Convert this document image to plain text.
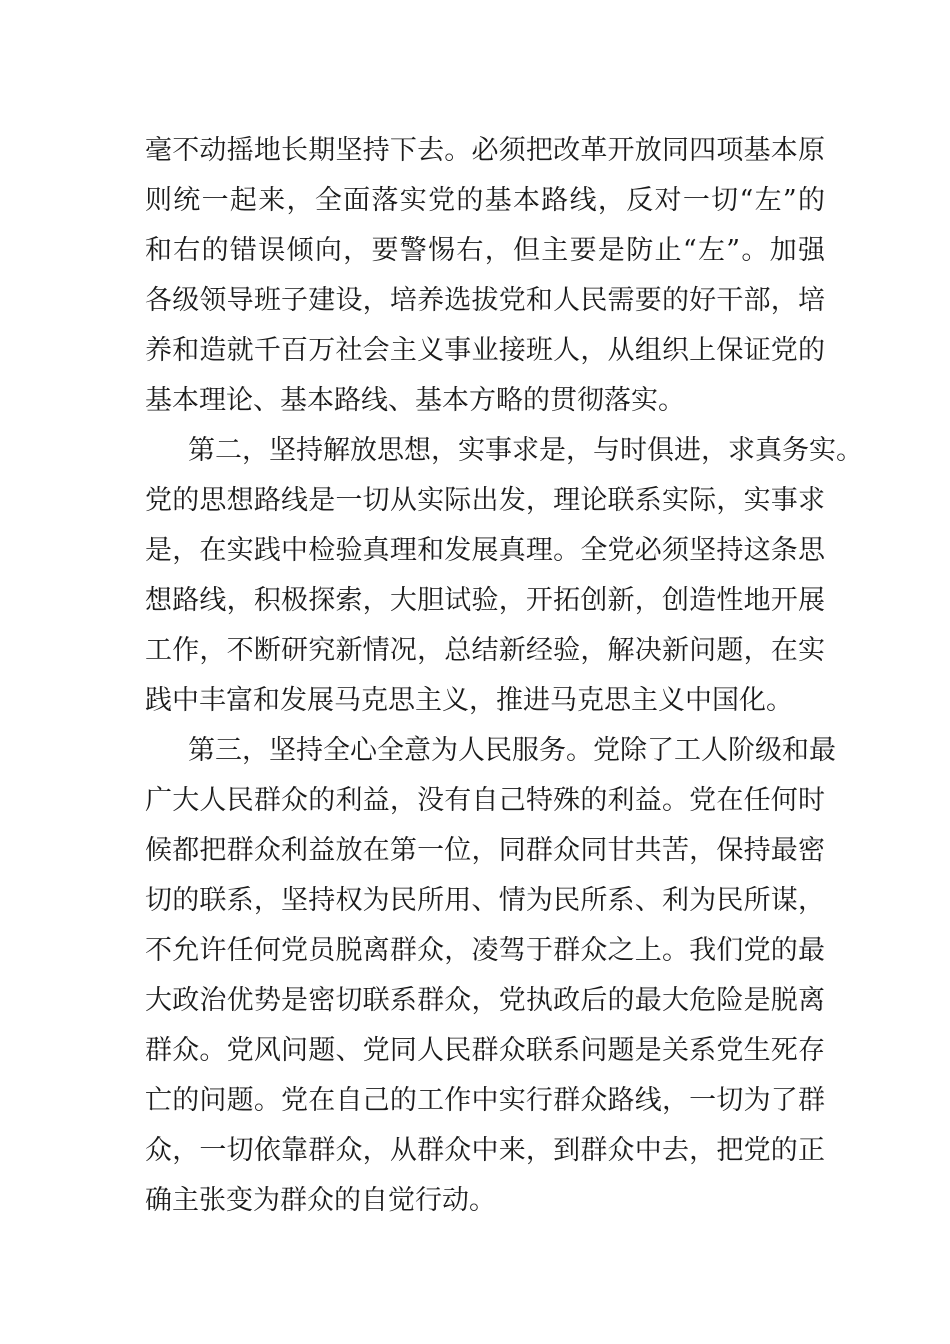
毫不动摇地长期坚持下去。必须把改革开放同四项基本原
则统一起来，全面落实党的基本路线，反对一切“左”的
和右的错误倾向，要警惕右，但主要是防止“左”。加强
各级领导班子建设，培养选拔党和人民需要的好干部，培
养和造就千百万社会主义事业接班人，从组织上保证党的
基本理论、基本路线、基本方略的贯彻落实。
第二，坚持解放思想，实事求是，与时俱进，求真务实。
党的思想路线是一切从实际出发，理论联系实际，实事求
是，在实践中检验真理和发展真理。全党必须坚持这条思
想路线，积极探索，大胆试验，开拓创新，创造性地开展
工作，不断研究新情况，总结新经验，解决新问题，在实
践中丰富和发展马克思主义，推进马克思主义中国化。
第三，坚持全心全意为人民服务。党除了工人阶级和最
广大人民群众的利益，没有自己特殊的利益。党在任何时
候都把群众利益放在第一位，同群众同甘共苦，保持最密
切的联系，坚持权为民所用、情为民所系、利为民所谋，
不允许任何党员脱离群众，凌驾于群众之上。我们党的最
大政治优势是密切联系群众，党执政后的最大危险是脱离
群众。党风问题、党同人民群众联系问题是关系党生死存
亡的问题。党在自己的工作中实行群众路线，一切为了群
众，一切依靠群众，从群众中来，到群众中去，把党的正
确主张变为群众的自觉行动。
